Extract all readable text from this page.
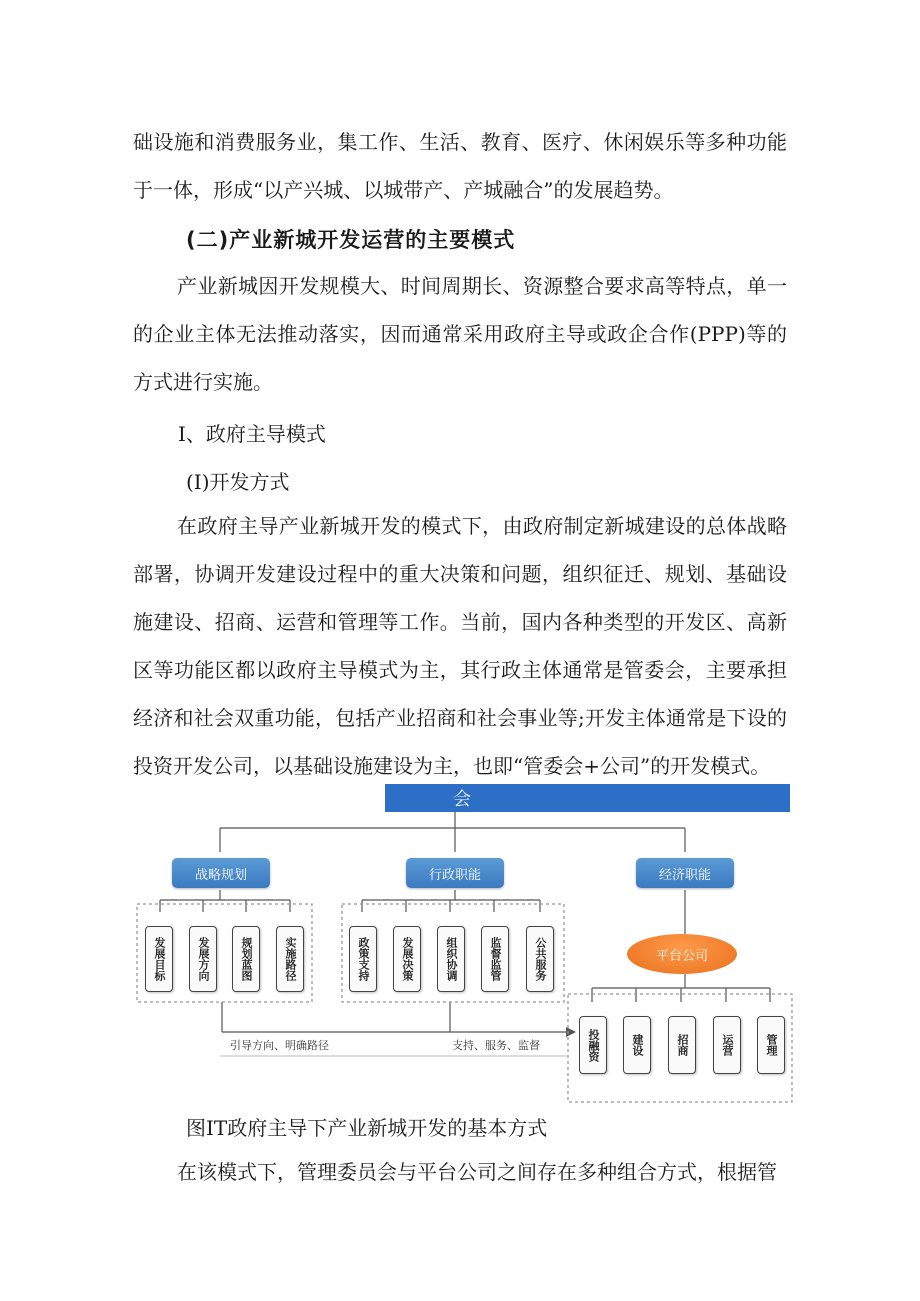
础设施和消费服务业，集工作、生活、教育、医疗、休闲娱乐等多种功能于一体，形成“以产兴城、以城带产、产城融合”的发展趋势。

(二)产业新城开发运营的主要模式

产业新城因开发规模大、时间周期长、资源整合要求高等特点，单一的企业主体无法推动落实，因而通常采用政府主导或政企合作(PPP)等的方式进行实施。

I、政府主导模式

(I)开发方式

在政府主导产业新城开发的模式下，由政府制定新城建设的总体战略部署，协调开发建设过程中的重大决策和问题，组织征迁、规划、基础设施建设、招商、运营和管理等工作。当前，国内各种类型的开发区、高新区等功能区都以政府主导模式为主，其行政主体通常是管委会，主要承担经济和社会双重功能，包括产业招商和社会事业等;开发主体通常是下设的投资开发公司，以基础设施建设为主，也即“管委会+公司”的开发模式。

会
战略规划	行政职能	经济职能
发展目标	发展方向	规划蓝图	实施路径	政策支持	发展决策	组织协调	监督监管	公共服务	平台公司
投融资	建设	招商	运营	管理
引导方向、明确路径	支持、服务、监督

图IT政府主导下产业新城开发的基本方式

在该模式下，管理委员会与平台公司之间存在多种组合方式，根据管
